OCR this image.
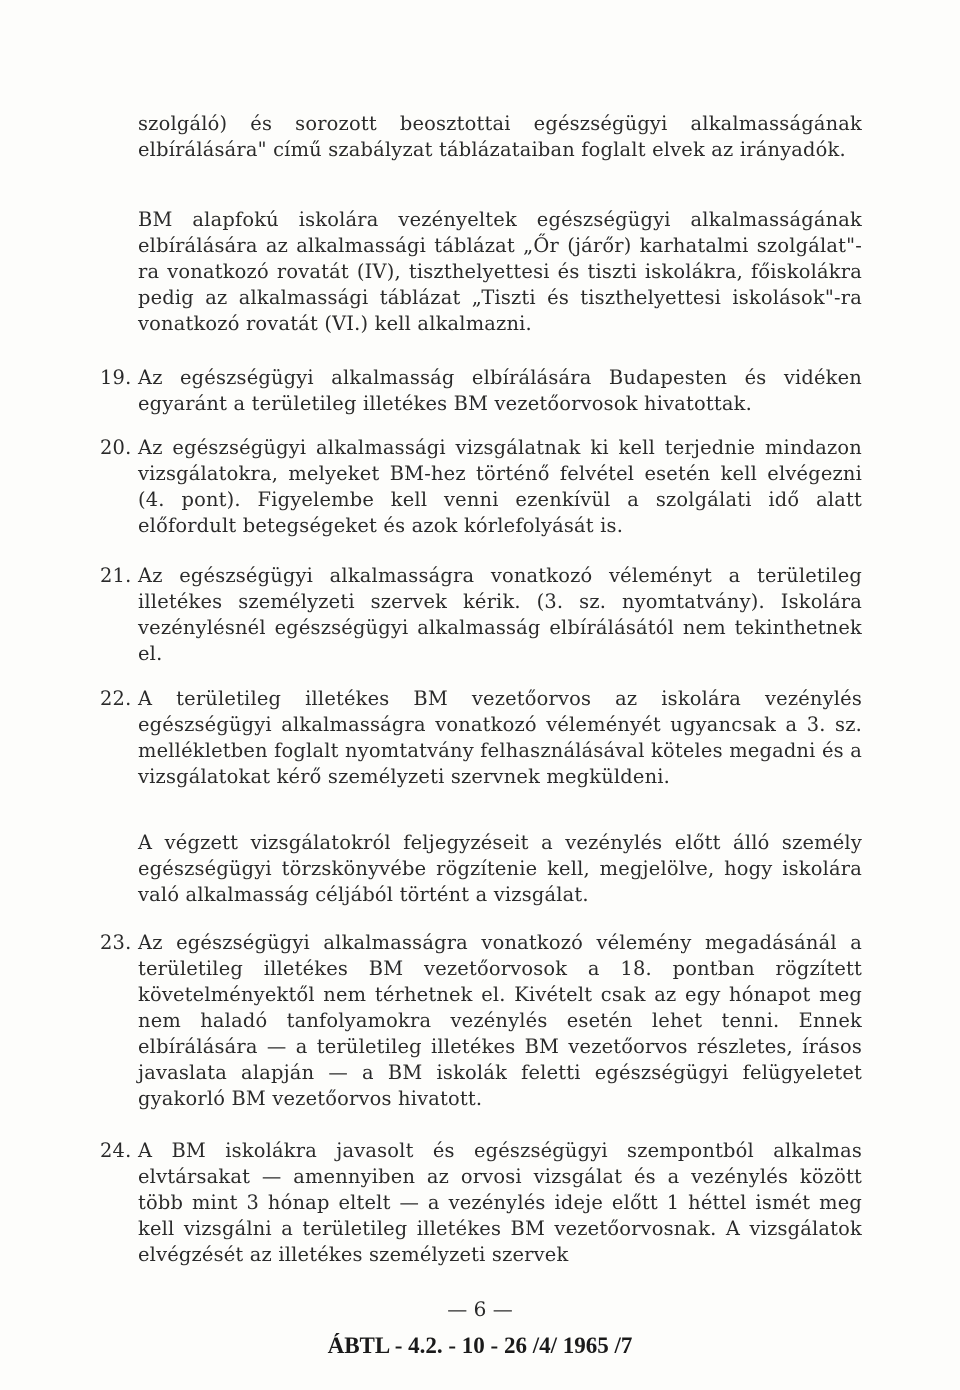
szolgáló) és sorozott beosztottai egészségügyi alkalmasságának elbírálására" című szabályzat táblázataiban foglalt elvek az irányadók.
BM alapfokú iskolára vezényeltek egészségügyi alkalmasságának elbírálására az alkalmassági táblázat „Őr (járőr) karhatalmi szolgálat"-ra vonatkozó rovatát (IV), tiszthelyettesi és tiszti iskolákra, főiskolákra pedig az alkalmassági táblázat „Tiszti és tiszthelyettesi iskolások"-ra vonatkozó rovatát (VI.) kell alkalmazni.
19. Az egészségügyi alkalmasság elbírálására Budapesten és vidéken egyaránt a területileg illetékes BM vezetőorvosok hivatottak.
20. Az egészségügyi alkalmassági vizsgálatnak ki kell terjednie mindazon vizsgálatokra, melyeket BM-hez történő felvétel esetén kell elvégezni (4. pont). Figyelembe kell venni ezenkívül a szolgálati idő alatt előfordult betegségeket és azok kórlefolyását is.
21. Az egészségügyi alkalmasságra vonatkozó véleményt a területileg illetékes személyzeti szervek kérik. (3. sz. nyomtatvány). Iskolára vezénylésnél egészségügyi alkalmasság elbírálásától nem tekinthetnek el.
22. A területileg illetékes BM vezetőorvos az iskolára vezénylés egészségügyi alkalmasságra vonatkozó véleményét ugyancsak a 3. sz. mellékletben foglalt nyomtatvány felhasználásával köteles megadni és a vizsgálatokat kérő személyzeti szervnek megküldeni.
A végzett vizsgálatokról feljegyzéseit a vezénylés előtt álló személy egészségügyi törzskönyvébe rögzítenie kell, megjelölve, hogy iskolára való alkalmasság céljából történt a vizsgálat.
23. Az egészségügyi alkalmasságra vonatkozó vélemény megadásánál a területileg illetékes BM vezetőorvosok a 18. pontban rögzített követelményektől nem térhetnek el. Kivételt csak az egy hónapot meg nem haladó tanfolyamokra vezénylés esetén lehet tenni. Ennek elbírálására — a területileg illetékes BM vezetőorvos részletes, írásos javaslata alapján — a BM iskolák feletti egészségügyi felügyeletet gyakorló BM vezetőorvos hivatott.
24. A BM iskolákra javasolt és egészségügyi szempontból alkalmas elvtársakat — amennyiben az orvosi vizsgálat és a vezénylés között több mint 3 hónap eltelt — a vezénylés ideje előtt 1 héttel ismét meg kell vizsgálni a területileg illetékes BM vezetőorvosnak. A vizsgálatok elvégzését az illetékes személyzeti szervek
— 6 —
ÁBTL - 4.2. - 10 - 26 /4/ 1965 /7
